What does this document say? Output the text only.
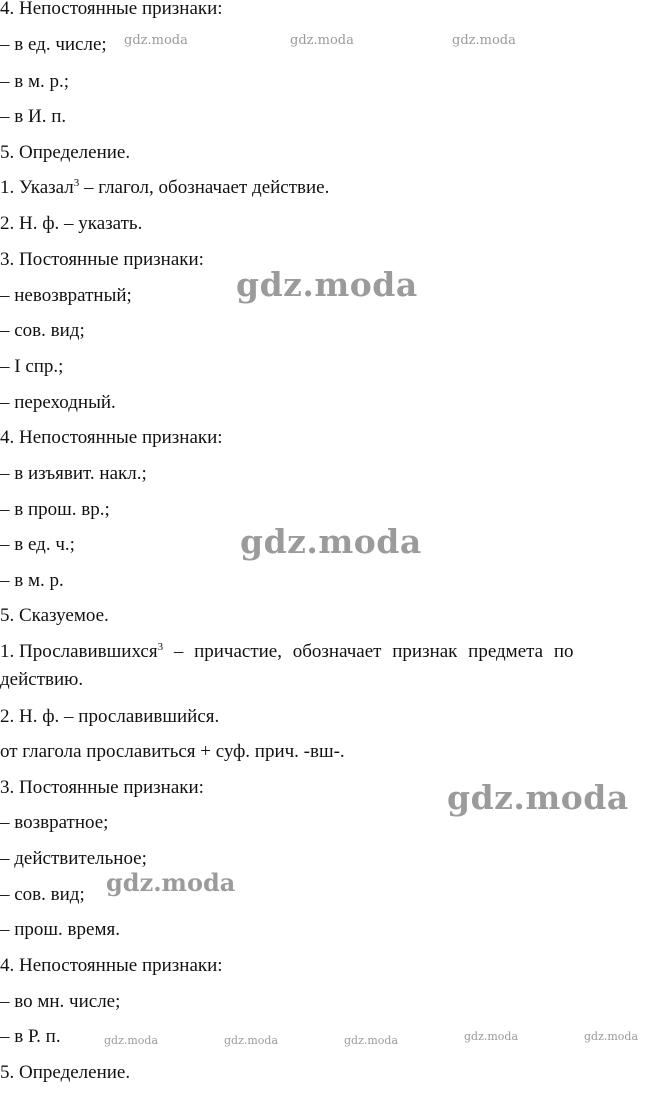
4. Непостоянные признаки:
– в ед. числе;
– в м. р.;
– в И. п.
5. Определение.
1. Указал$^3$ – глагол, обозначает действие.
2. Н. ф. – указать.
3. Постоянные признаки:
– невозвратный;
– сов. вид;
– I спр.;
– переходный.
4. Непостоянные признаки:
– в изъявит. накл.;
– в прош. вр.;
– в ед. ч.;
– в м. р.
5. Сказуемое.
1. Прославившихся$^3$ – причастие, обозначает признак предмета по
действию.
2. Н. ф. – прославившийся.
от глагола прославиться + суф. прич. -вш-.
3. Постоянные признаки:
– возвратное;
– действительное;
– сов. вид;
– прош. время.
4. Непостоянные признаки:
– во мн. числе;
– в Р. п.
5. Определение.
gdz.moda	gdz.moda	gdz.moda
gdz.moda
gdz.moda
gdz.moda
gdz.moda
gdz.moda	gdz.moda	gdz.moda	gdz.moda	gdz.moda
